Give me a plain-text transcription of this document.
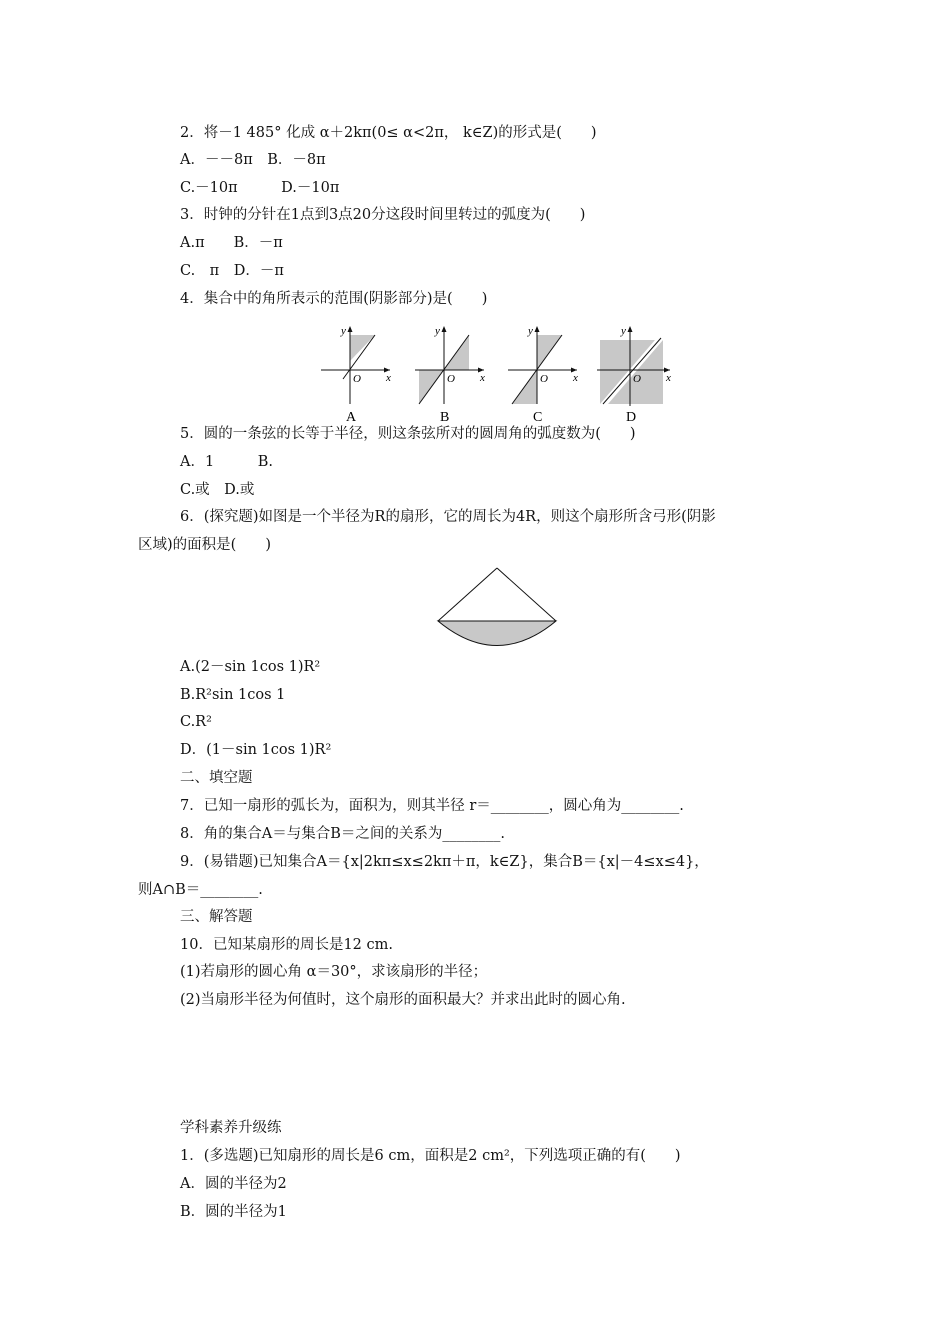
2．将－1 485° 化成 α＋2kπ(0≤ α<2π， k∈Z)的形式是(　　)
A．－－8π　B．－8π
C.－10π　　　D.－10π
3．时钟的分针在1点到3点20分这段时间里转过的弧度为(　　)
A.π　　B．－π
C.　π　D．－π
4．集合中的角所表示的范围(阴影部分)是(　　)
y
x
O
A
y
x
O
B
y
x
O
C
y
x
O
D
5．圆的一条弦的长等于半径，则这条弦所对的圆周角的弧度数为(　　)
A．1　　　B.
C.或　D.或
6．(探究题)如图是一个半径为R的扇形，它的周长为4R，则这个扇形所含弓形(阴影
区域)的面积是(　　)
A.(2－sin 1cos 1)R²
B.R²sin 1cos 1
C.R²
D．(1－sin 1cos 1)R²
二、填空题
7．已知一扇形的弧长为，面积为，则其半径 r＝________，圆心角为________.
8．角的集合A＝与集合B＝之间的关系为________.
9．(易错题)已知集合A＝{x|2kπ≤x≤2kπ＋π，k∈Z}，集合B＝{x|－4≤x≤4}，
则A∩B＝________.
三、解答题
10．已知某扇形的周长是12 cm.
(1)若扇形的圆心角 α＝30°，求该扇形的半径；
(2)当扇形半径为何值时，这个扇形的面积最大？并求出此时的圆心角.
学科素养升级练
1．(多选题)已知扇形的周长是6 cm，面积是2 cm²，下列选项正确的有(　　)
A．圆的半径为2
B．圆的半径为1
